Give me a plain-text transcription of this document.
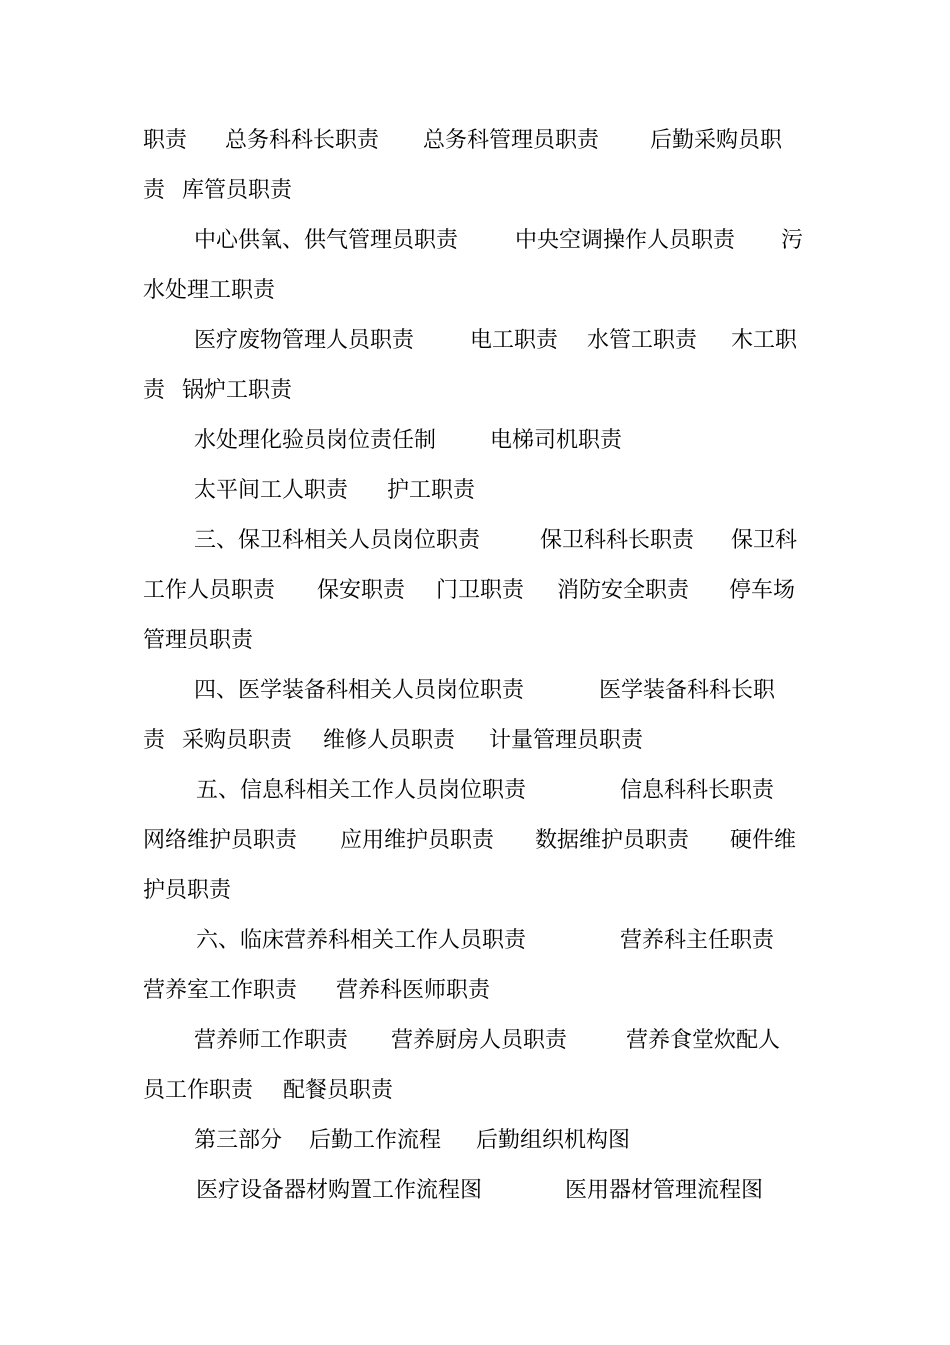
职责 总务科科长职责 总务科管理员职责 后勤采购员职
责 库管员职责
中心供氧、供气管理员职责	中央空调操作人员职责 污
水处理工职责
医疗废物管理人员职责	电工职责 水管工职责 木工职
责 锅炉工职责
水处理化验员岗位责任制 电梯司机职责
太平间工人职责 护工职责
三、保卫科相关人员岗位职责	保卫科科长职责 保卫科
工作人员职责 保安职责 门卫职责 消防安全职责 停车场
管理员职责
四、医学装备科相关人员岗位职责	医学装备科科长职
责 采购员职责 维修人员职责 计量管理员职责
五、信息科相关工作人员岗位职责	信息科科长职责
网络维护员职责 应用维护员职责 数据维护员职责 硬件维
护员职责
六、临床营养科相关工作人员职责	营养科主任职责
营养室工作职责 营养科医师职责
营养师工作职责 营养厨房人员职责	营养食堂炊配人
员工作职责 配餐员职责
第三部分 后勤工作流程 后勤组织机构图
医疗设备器材购置工作流程图	医用器材管理流程图
